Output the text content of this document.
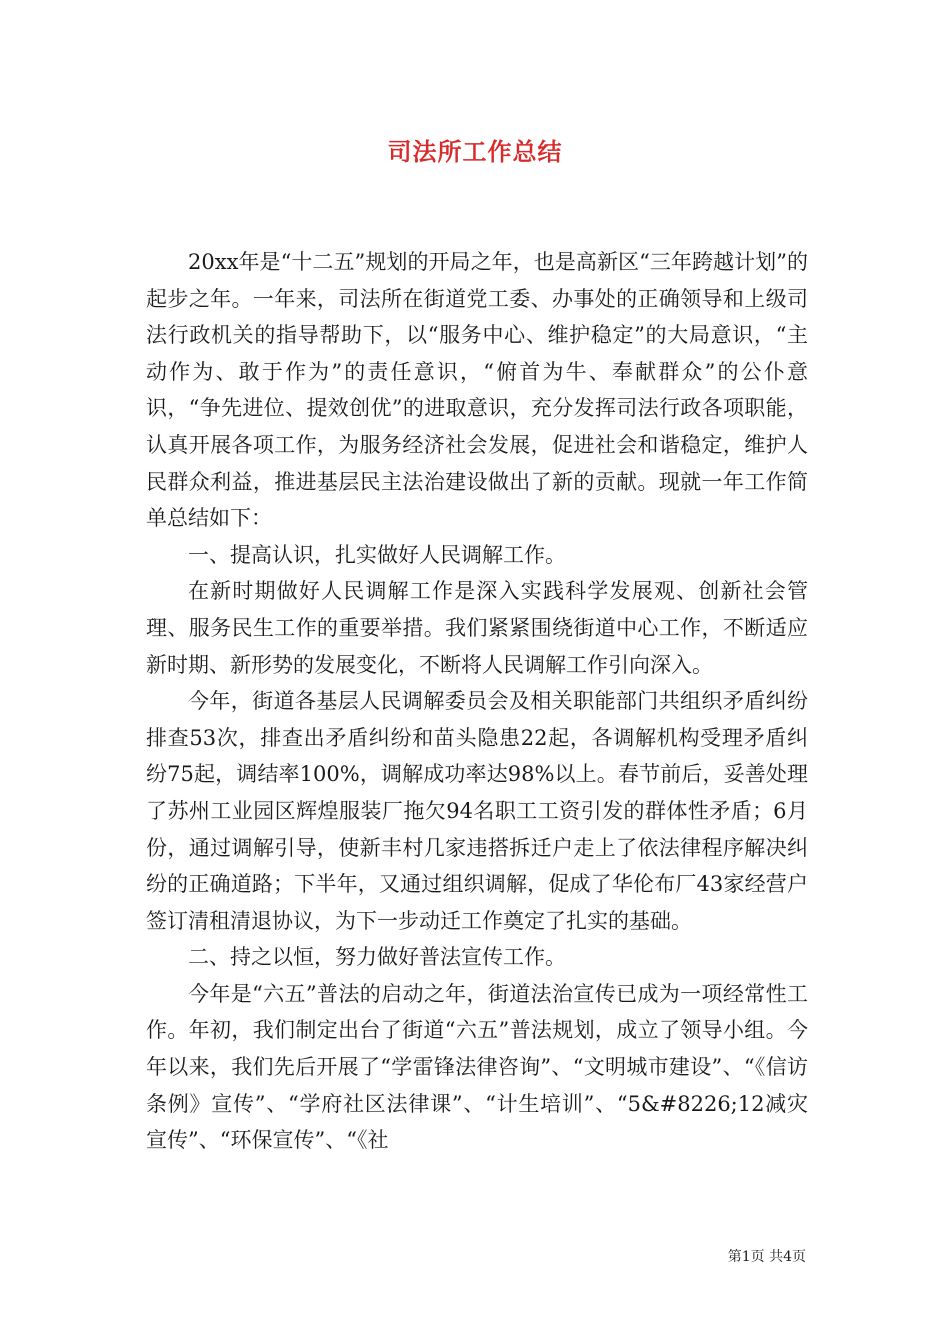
司法所工作总结

20xx年是“十二五”规划的开局之年，也是高新区“三年跨越计划”的起步之年。一年来，司法所在街道党工委、办事处的正确领导和上级司法行政机关的指导帮助下，以“服务中心、维护稳定”的大局意识，“主动作为、敢于作为”的责任意识，“俯首为牛、奉献群众”的公仆意识，“争先进位、提效创优”的进取意识，充分发挥司法行政各项职能，认真开展各项工作，为服务经济社会发展，促进社会和谐稳定，维护人民群众利益，推进基层民主法治建设做出了新的贡献。现就一年工作简单总结如下：

一、提高认识，扎实做好人民调解工作。

在新时期做好人民调解工作是深入实践科学发展观、创新社会管理、服务民生工作的重要举措。我们紧紧围绕街道中心工作，不断适应新时期、新形势的发展变化，不断将人民调解工作引向深入。

今年，街道各基层人民调解委员会及相关职能部门共组织矛盾纠纷排查53次，排查出矛盾纠纷和苗头隐患22起，各调解机构受理矛盾纠纷75起，调结率100%，调解成功率达98%以上。春节前后，妥善处理了苏州工业园区辉煌服装厂拖欠94名职工工资引发的群体性矛盾；6月份，通过调解引导，使新丰村几家违搭拆迁户走上了依法律程序解决纠纷的正确道路；下半年，又通过组织调解，促成了华伦布厂43家经营户签订清租清退协议，为下一步动迁工作奠定了扎实的基础。

二、持之以恒，努力做好普法宣传工作。

今年是“六五”普法的启动之年，街道法治宣传已成为一项经常性工作。年初，我们制定出台了街道“六五”普法规划，成立了领导小组。今年以来，我们先后开展了“学雷锋法律咨询”、“文明城市建设”、“《信访条例》宣传”、“学府社区法律课”、“计生培训”、“5&#8226;12减灾宣传”、“环保宣传”、“《社

第1页 共4页
